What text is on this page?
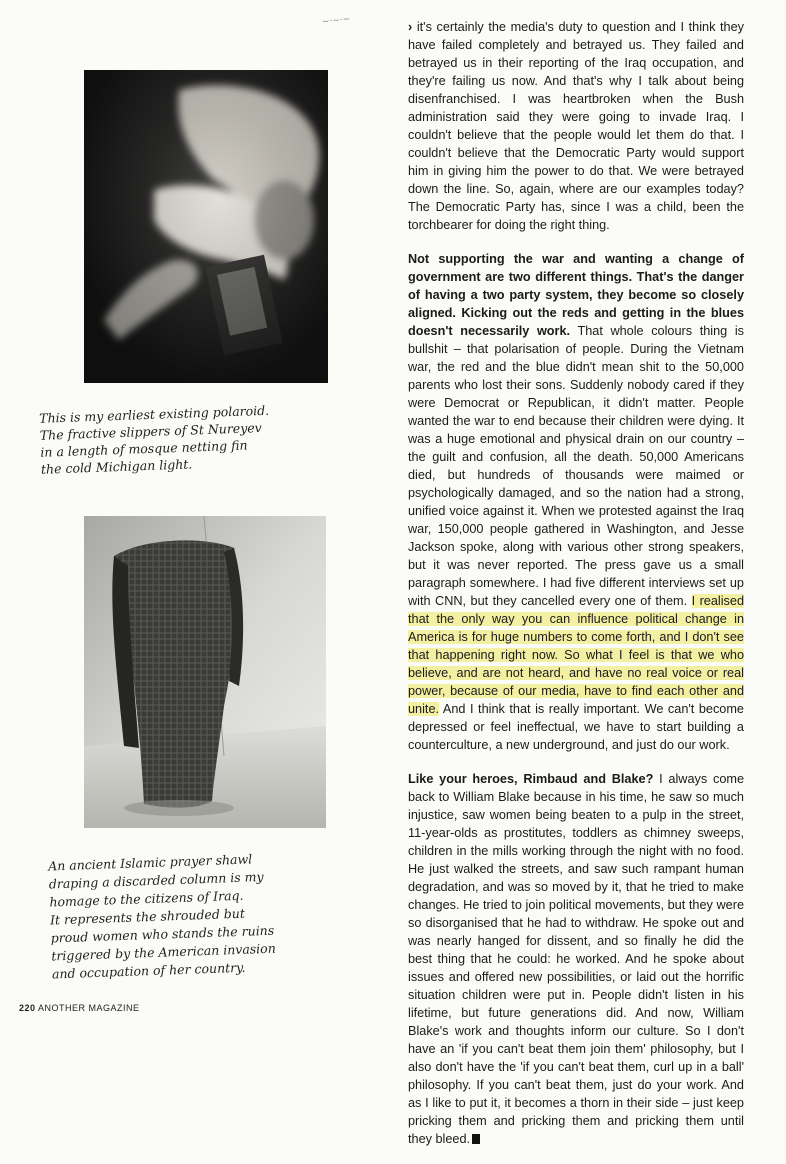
~·~·~
This is my earliest existing polaroid.
The fractive slippers of St Nureyev
in a length of mosque netting fin
the cold Michigan light.
An ancient Islamic prayer shawl
draping a discarded column is my
homage to the citizens of Iraq.
It represents the shrouded but
proud women who stands the ruins
triggered by the American invasion
and occupation of her country.

› it's certainly the media's duty to question and I think they have failed completely and betrayed us. They failed and betrayed us in their reporting of the Iraq occupation, and they're failing us now. And that's why I talk about being disenfranchised. I was heartbroken when the Bush administration said they were going to invade Iraq. I couldn't believe that the people would let them do that. I couldn't believe that the Democratic Party would support him in giving him the power to do that. We were betrayed down the line. So, again, where are our examples today? The Democratic Party has, since I was a child, been the torchbearer for doing the right thing.

Not supporting the war and wanting a change of government are two different things. That's the danger of having a two party system, they become so closely aligned. Kicking out the reds and getting in the blues doesn't necessarily work. That whole colours thing is bullshit – that polarisation of people. During the Vietnam war, the red and the blue didn't mean shit to the 50,000 parents who lost their sons. Suddenly nobody cared if they were Democrat or Republican, it didn't matter. People wanted the war to end because their children were dying. It was a huge emotional and physical drain on our country – the guilt and confusion, all the death. 50,000 Americans died, but hundreds of thousands were maimed or psychologically damaged, and so the nation had a strong, unified voice against it. When we protested against the Iraq war, 150,000 people gathered in Washington, and Jesse Jackson spoke, along with various other strong speakers, but it was never reported. The press gave us a small paragraph somewhere. I had five different interviews set up with CNN, but they cancelled every one of them. I realised that the only way you can influence political change in America is for huge numbers to come forth, and I don't see that happening right now. So what I feel is that we who believe, and are not heard, and have no real voice or real power, because of our media, have to find each other and unite. And I think that is really important. We can't become depressed or feel ineffectual, we have to start building a counterculture, a new underground, and just do our work.

Like your heroes, Rimbaud and Blake? I always come back to William Blake because in his time, he saw so much injustice, saw women being beaten to a pulp in the street, 11-year-olds as prostitutes, toddlers as chimney sweeps, children in the mills working through the night with no food. He just walked the streets, and saw such rampant human degradation, and was so moved by it, that he tried to make changes. He tried to join political movements, but they were so disorganised that he had to withdraw. He spoke out and was nearly hanged for dissent, and so finally he did the best thing that he could: he worked. And he spoke about issues and offered new possibilities, or laid out the horrific situation children were put in. People didn't listen in his lifetime, but future generations did. And now, William Blake's work and thoughts inform our culture. So I don't have an 'if you can't beat them join them' philosophy, but I also don't have the 'if you can't beat them, curl up in a ball' philosophy. If you can't beat them, just do your work. And as I like to put it, it becomes a thorn in their side – just keep pricking them and pricking them and pricking them until they bleed.

220 ANOTHER MAGAZINE
